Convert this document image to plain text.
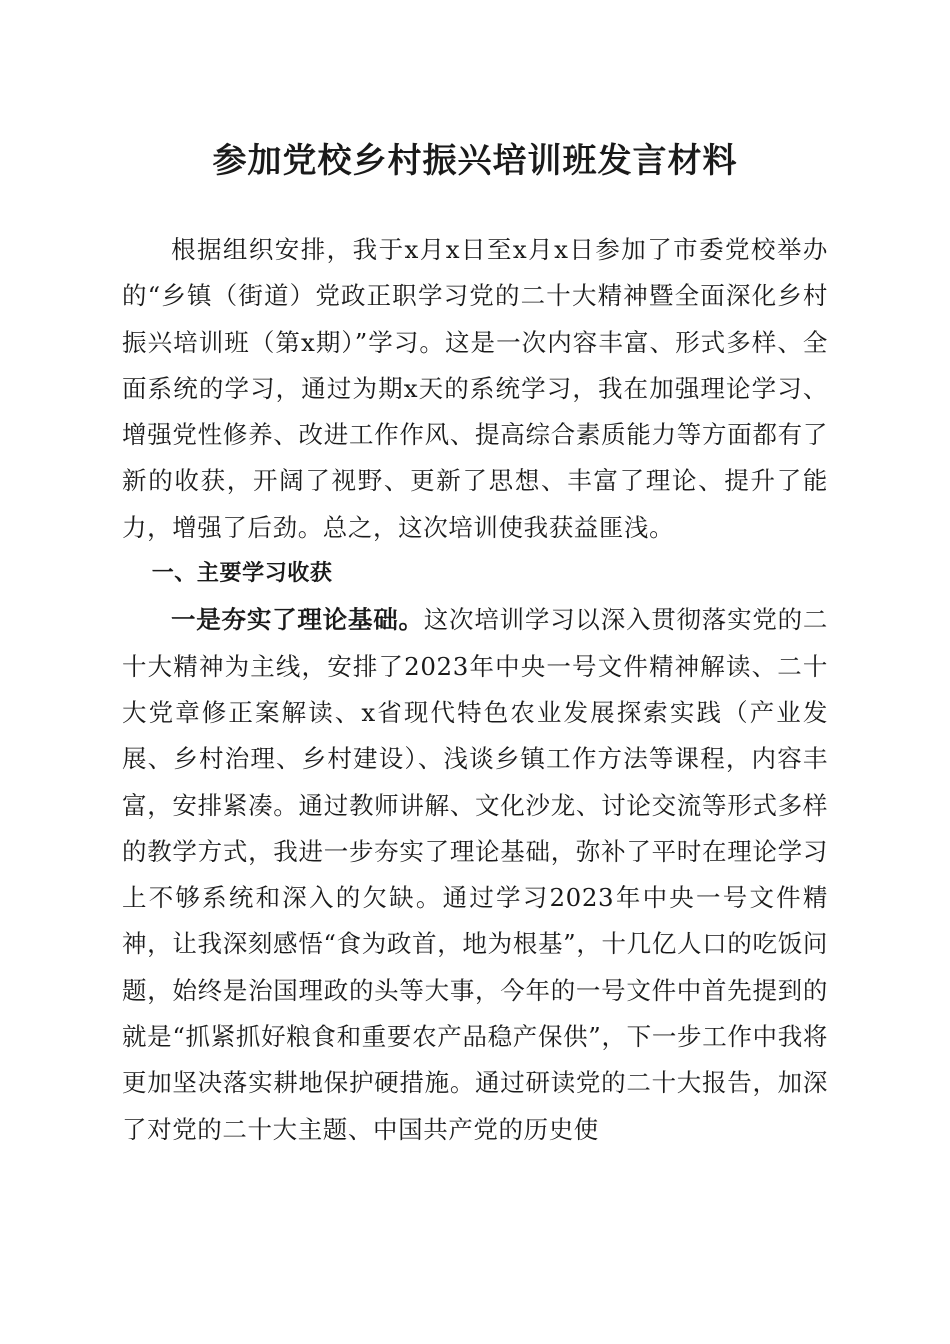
参加党校乡村振兴培训班发言材料

根据组织安排，我于x月x日至x月x日参加了市委党校举办的“乡镇（街道）党政正职学习党的二十大精神暨全面深化乡村振兴培训班（第x期）”学习。这是一次内容丰富、形式多样、全面系统的学习，通过为期x天的系统学习，我在加强理论学习、增强党性修养、改进工作作风、提高综合素质能力等方面都有了新的收获，开阔了视野、更新了思想、丰富了理论、提升了能力，增强了后劲。总之，这次培训使我获益匪浅。

一、主要学习收获

一是夯实了理论基础。这次培训学习以深入贯彻落实党的二十大精神为主线，安排了2023年中央一号文件精神解读、二十大党章修正案解读、x省现代特色农业发展探索实践（产业发展、乡村治理、乡村建设）、浅谈乡镇工作方法等课程，内容丰富，安排紧凑。通过教师讲解、文化沙龙、讨论交流等形式多样的教学方式，我进一步夯实了理论基础，弥补了平时在理论学习上不够系统和深入的欠缺。通过学习2023年中央一号文件精神，让我深刻感悟“食为政首，地为根基”，十几亿人口的吃饭问题，始终是治国理政的头等大事，今年的一号文件中首先提到的就是“抓紧抓好粮食和重要农产品稳产保供”，下一步工作中我将更加坚决落实耕地保护硬措施。通过研读党的二十大报告，加深了对党的二十大主题、中国共产党的历史使
